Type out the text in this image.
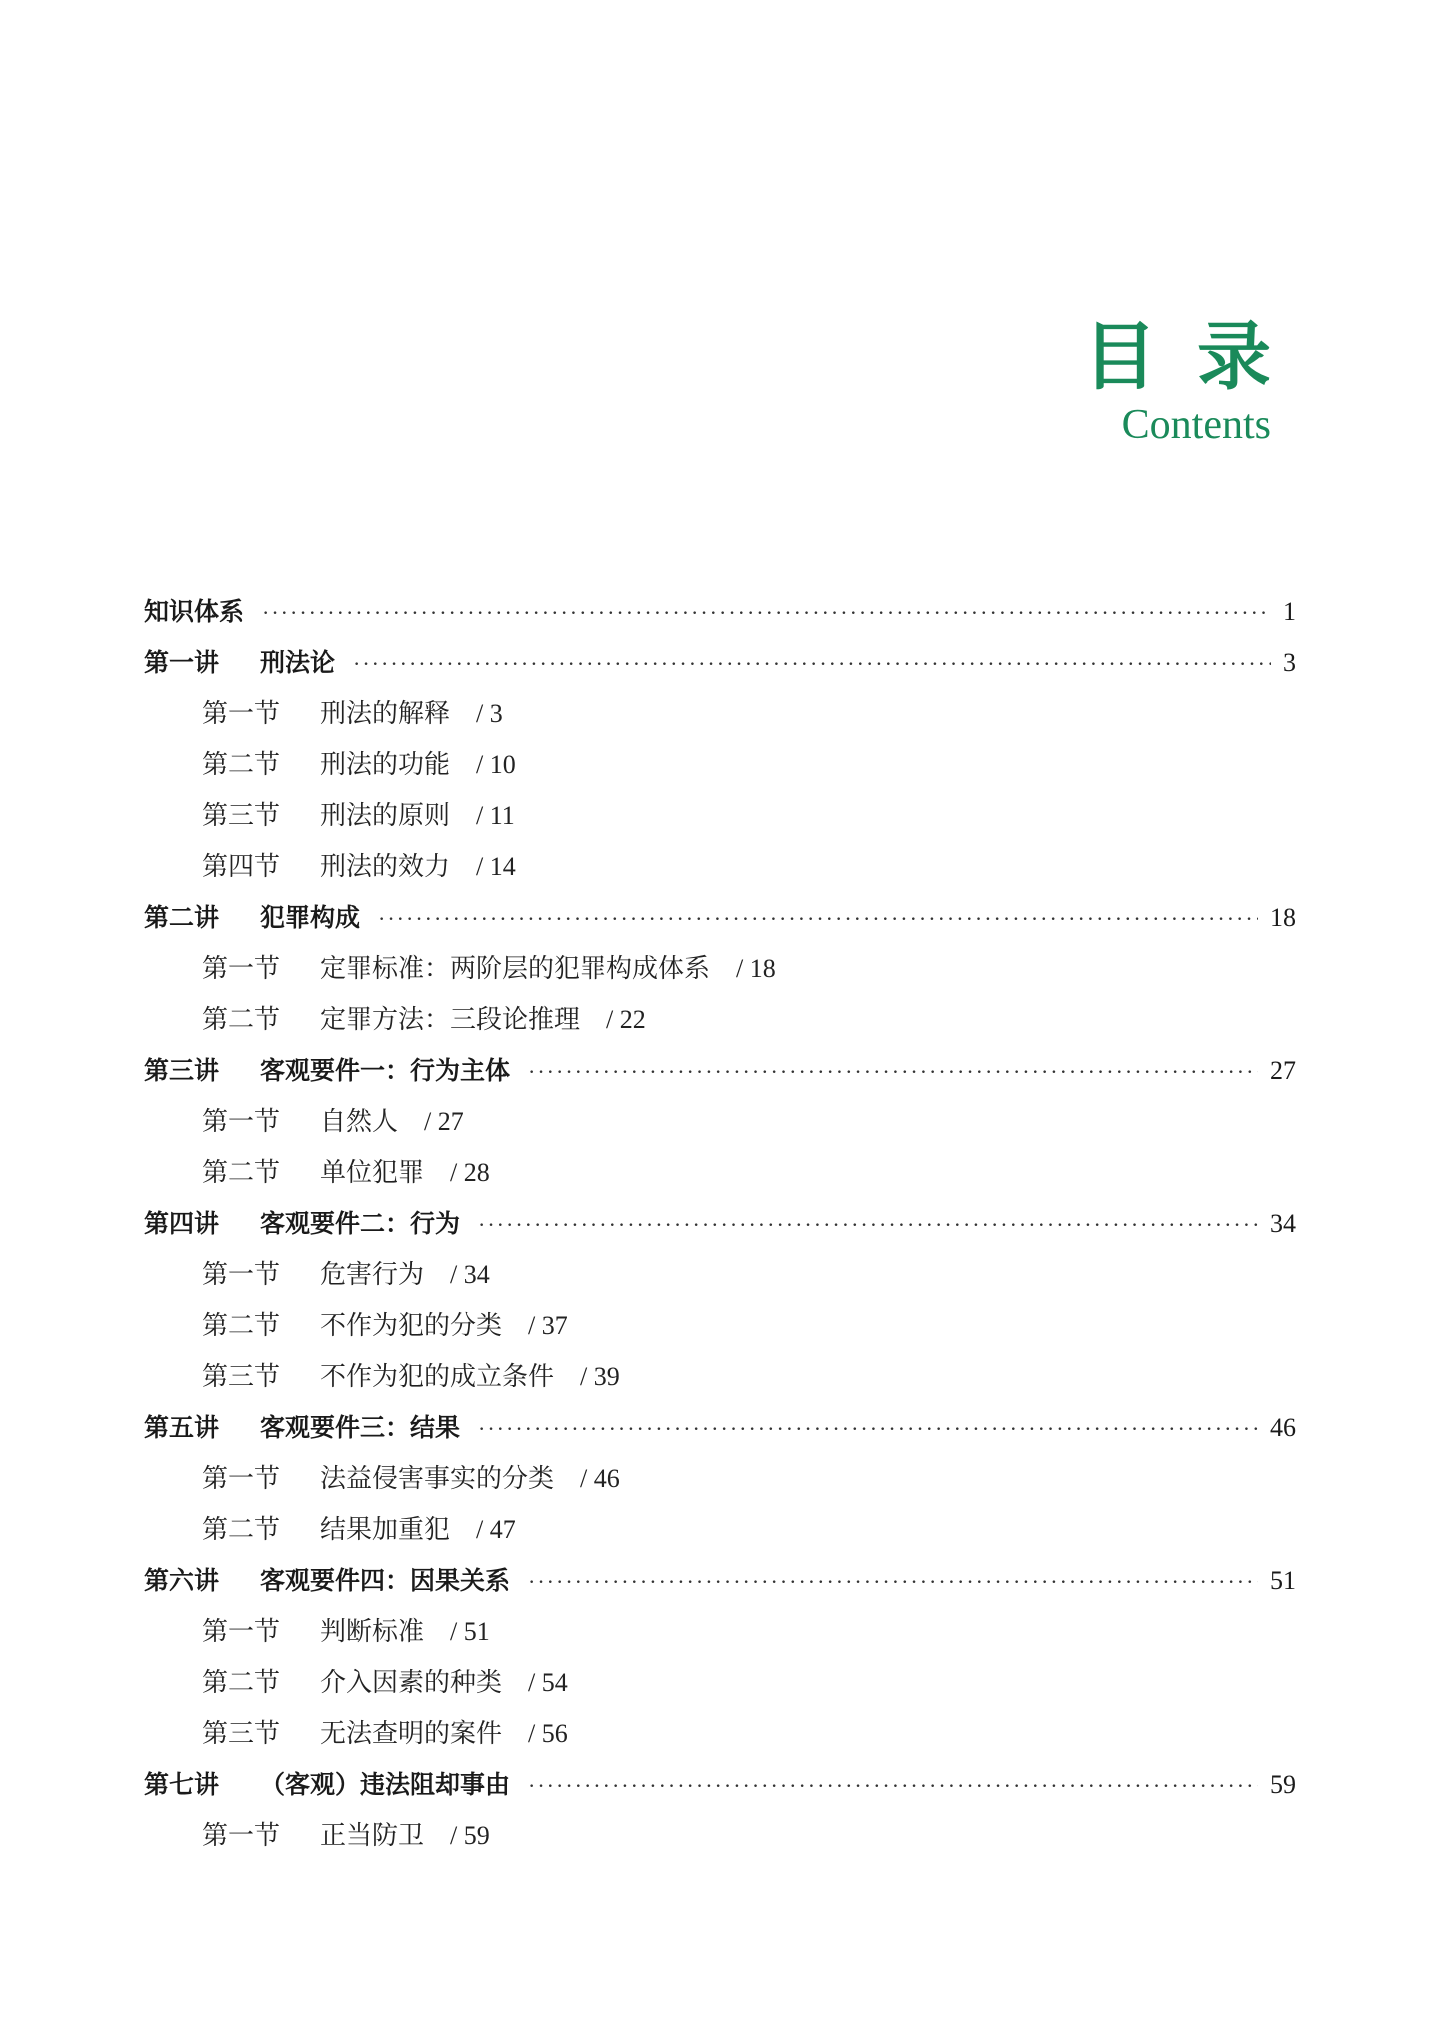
目录
Contents
知识体系 ·····	1
第一讲	刑法论 ·····	3
第一节	刑法的解释 / 3
第二节	刑法的功能 / 10
第三节	刑法的原则 / 11
第四节	刑法的效力 / 14
第二讲	犯罪构成 ·····	18
第一节	定罪标准：两阶层的犯罪构成体系 / 18
第二节	定罪方法：三段论推理 / 22
第三讲	客观要件一：行为主体 ·····	27
第一节	自然人 / 27
第二节	单位犯罪 / 28
第四讲	客观要件二：行为 ·····	34
第一节	危害行为 / 34
第二节	不作为犯的分类 / 37
第三节	不作为犯的成立条件 / 39
第五讲	客观要件三：结果 ·····	46
第一节	法益侵害事实的分类 / 46
第二节	结果加重犯 / 47
第六讲	客观要件四：因果关系 ·····	51
第一节	判断标准 / 51
第二节	介入因素的种类 / 54
第三节	无法查明的案件 / 56
第七讲	（客观）违法阻却事由 ·····	59
第一节	正当防卫 / 59
